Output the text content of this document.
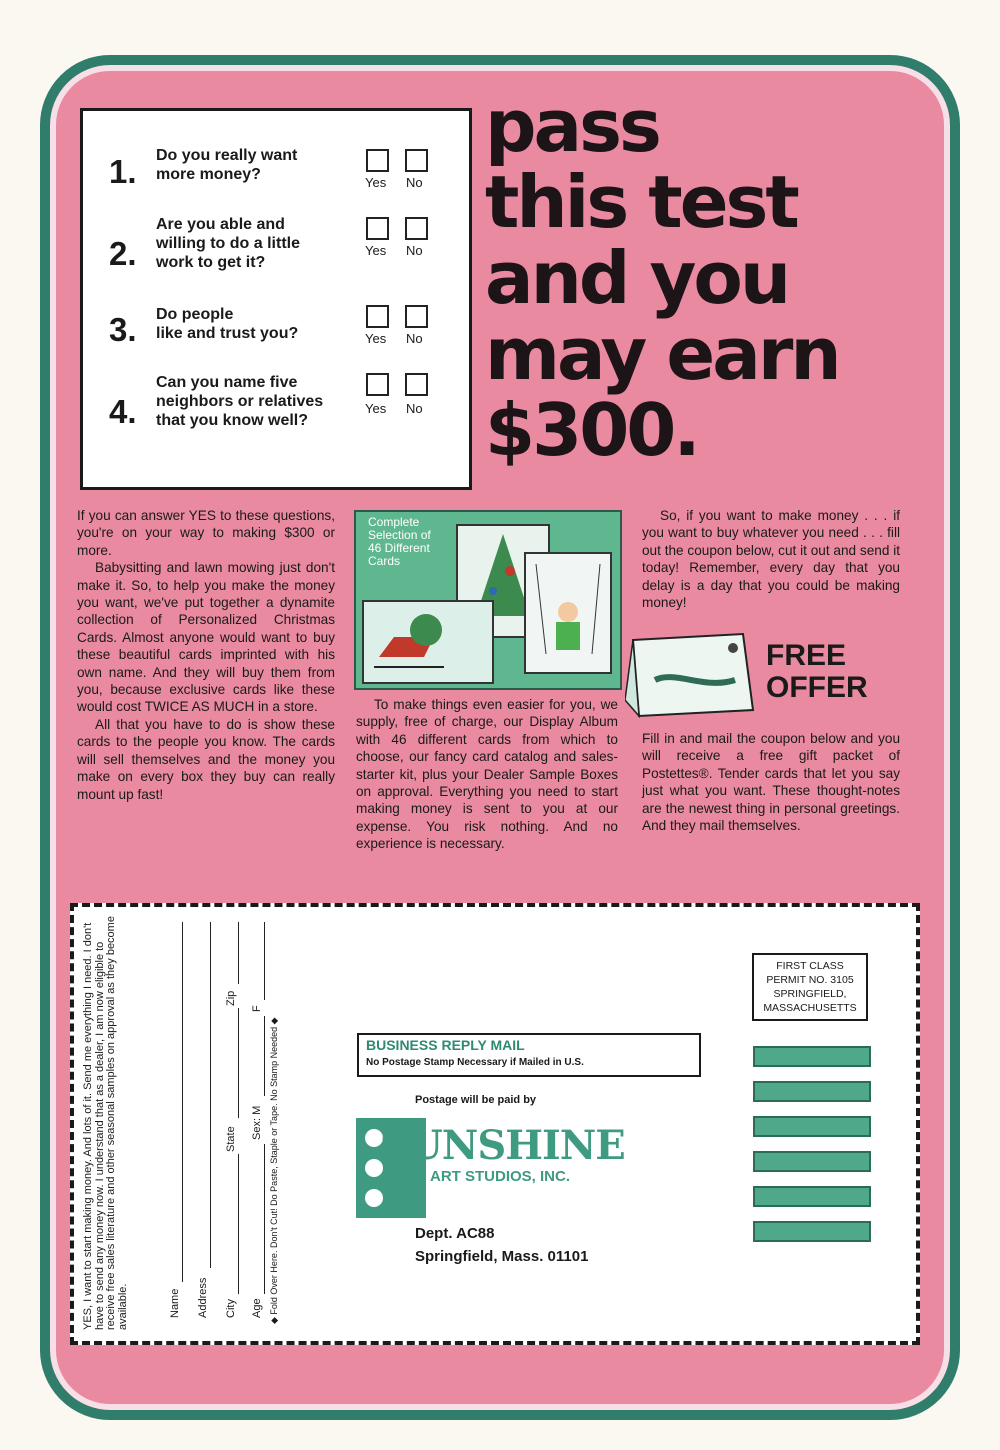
1. Do you really want
more money?
2.
Are you able and
willing to do a little
work to get it?
3. Do people
like and trust you?
4.
Can you name five
neighbors or relatives
that you know well?
Yes No
Yes No
Yes No
Yes No
pass
this test
and you
may earn
$300.

If you can answer YES to these questions, you're on your way to making $300 or more.

Babysitting and lawn mowing just don't make it. So, to help you make the money you want, we've put together a dynamite collection of Personalized Christmas Cards. Almost anyone would want to buy these beautiful cards imprinted with his own name. And they will buy them from you, because exclusive cards like these would cost TWICE AS MUCH in a store.

All that you have to do is show these cards to the people you know. The cards will sell themselves and the money you make on every box they buy can really mount up fast!

Complete
Selection of
46 Different
Cards
To make things even easier for you, we supply, free of charge, our Display Album with 46 different cards from which to choose, our fancy card catalog and sales-starter kit, plus your Dealer Sample Boxes on approval. Everything you need to start making money is sent to you at our expense. You risk nothing. And no experience is necessary.
So, if you want to make money . . . if you want to buy whatever you need . . . fill out the coupon below, cut it out and send it today! Remember, every day that you delay is a day that you could be making money!
FREE
OFFER
Fill in and mail the coupon below and you will receive a free gift packet of Postettes®. Tender cards that let you say just what you want. These thought-notes are the newest thing in personal greetings. And they mail themselves.
YES, I want to start making money. And lots of it. Send me everything I need. I don't have to send any money now. I understand that as a dealer, I am now eligible to receive free sales literature and other seasonal samples on approval as they become available.	Name Address City
State
Zip
Age
Sex: M
F
◆ Fold Over Here. Don't Cut! Do Paste, Staple or Tape. No Stamp Needed ◆	BUSINESS REPLY MAIL
No Postage Stamp Necessary if Mailed in U.S.
FIRST CLASS
PERMIT NO. 3105
SPRINGFIELD,
MASSACHUSETTS
Postage will be paid by
SUNSHINE
ART STUDIOS, INC.
Dept. AC88
Springfield, Mass. 01101
